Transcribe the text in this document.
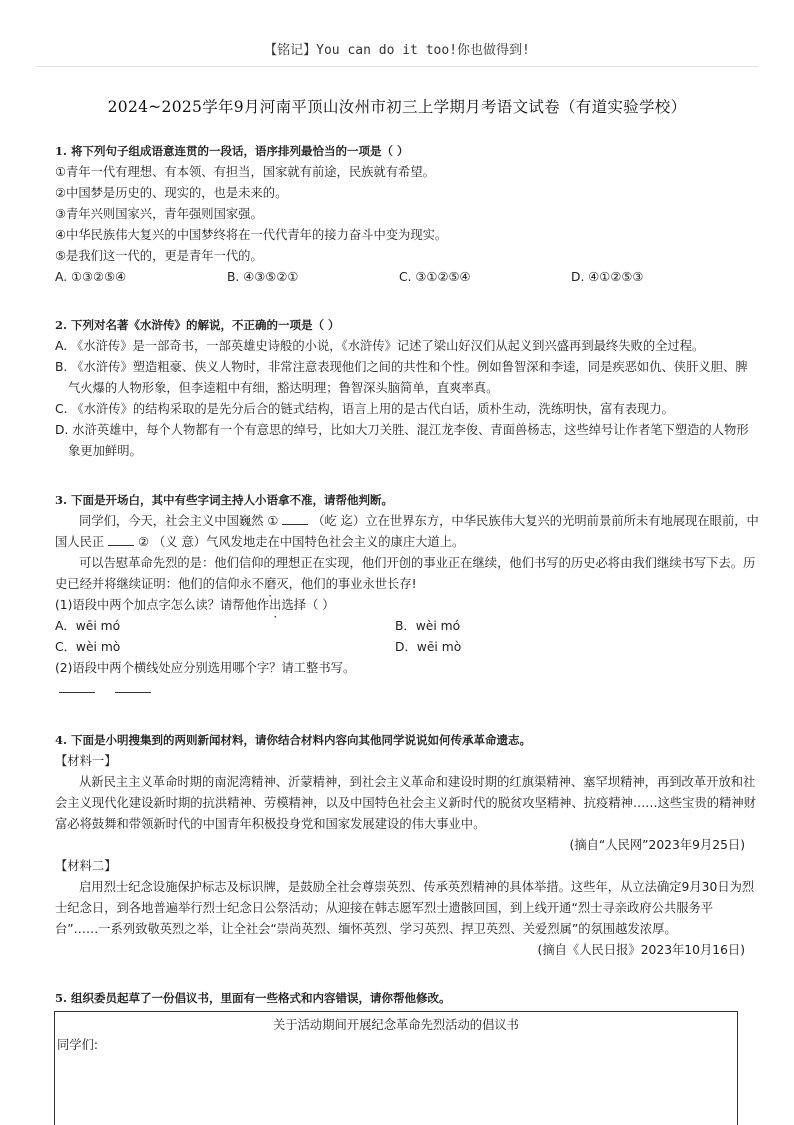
【铭记】You can do it too!你也做得到!
2024~2025学年9月河南平顶山汝州市初三上学期月考语文试卷（有道实验学校）
1. 将下列句子组成语意连贯的一段话，语序排列最恰当的一项是（ ）
①青年一代有理想、有本领、有担当，国家就有前途，民族就有希望。
②中国梦是历史的、现实的，也是未来的。
③青年兴则国家兴，青年强则国家强。
④中华民族伟大复兴的中国梦终将在一代代青年的接力奋斗中变为现实。
⑤是我们这一代的，更是青年一代的。
A. ①③②⑤④	B. ④③⑤②①	C. ③①②⑤④	D. ④①②⑤③
2. 下列对名著《水浒传》的解说，不正确的一项是（ ）
A. 《水浒传》是一部奇书，一部英雄史诗般的小说，《水浒传》记述了梁山好汉们从起义到兴盛再到最终失败的全过程。
B. 《水浒传》塑造粗豪、侠义人物时，非常注意表现他们之间的共性和个性。例如鲁智深和李逵，同是疾恶如仇、侠肝义胆、脾
气火爆的人物形象，但李逵粗中有细，豁达明理；鲁智深头脑简单，直爽率真。
C. 《水浒传》的结构采取的是先分后合的链式结构，语言上用的是古代白话，质朴生动，洗练明快，富有表现力。
D. 水浒英雄中，每个人物都有一个有意思的绰号，比如大刀关胜、混江龙李俊、青面兽杨志，这些绰号让作者笔下塑造的人物形
象更加鲜明。
3. 下面是开场白，其中有些字词主持人小语拿不准，请帮他判断。
同学们，今天，社会主义中国巍然 ①	（屹 迄）立在世界东方，中华民族伟大复兴的光明前景前所未有地展现在眼前，中
国人民正	② （义 意）气风发地走在中国特色社会主义的康庄大道上。
可以告慰革命先烈的是：他们信仰的理想正在实现，他们开创的事业正在继续，他们书写的历史必将由我们继续书写下去。历
史已经并将继续证明：他们的信仰永不磨灭，他们的事业永世长存!
(1)语段中两个加点字怎么读？请帮他作出选择（ ）
A．wēi mó	B．wèi mó
C．wèi mò	D．wēi mò
(2)语段中两个横线处应分别选用哪个字？请工整书写。

4. 下面是小明搜集到的两则新闻材料，请你结合材料内容向其他同学说说如何传承革命遗志。
【材料一】
从新民主主义革命时期的南泥湾精神、沂蒙精神，到社会主义革命和建设时期的红旗渠精神、塞罕坝精神，再到改革开放和社
会主义现代化建设新时期的抗洪精神、劳模精神，以及中国特色社会主义新时代的脱贫攻坚精神、抗疫精神……这些宝贵的精神财
富必将鼓舞和带领新时代的中国青年积极投身党和国家发展建设的伟大事业中。
(摘自“人民网”2023年9月25日)
【材料二】
启用烈士纪念设施保护标志及标识牌，是鼓励全社会尊崇英烈、传承英烈精神的具体举措。这些年，从立法确定9月30日为烈
士纪念日，到各地普遍举行烈士纪念日公祭活动；从迎接在韩志愿军烈士遗骸回国，到上线开通“烈士寻亲政府公共服务平
台”……一系列致敬英烈之举，让全社会“崇尚英烈、缅怀英烈、学习英烈、捍卫英烈、关爱烈属”的氛围越发浓厚。
(摘自《人民日报》2023年10月16日)
5. 组织委员起草了一份倡议书，里面有一些格式和内容错误，请你帮他修改。
关于活动期间开展纪念革命先烈活动的倡议书
同学们:
